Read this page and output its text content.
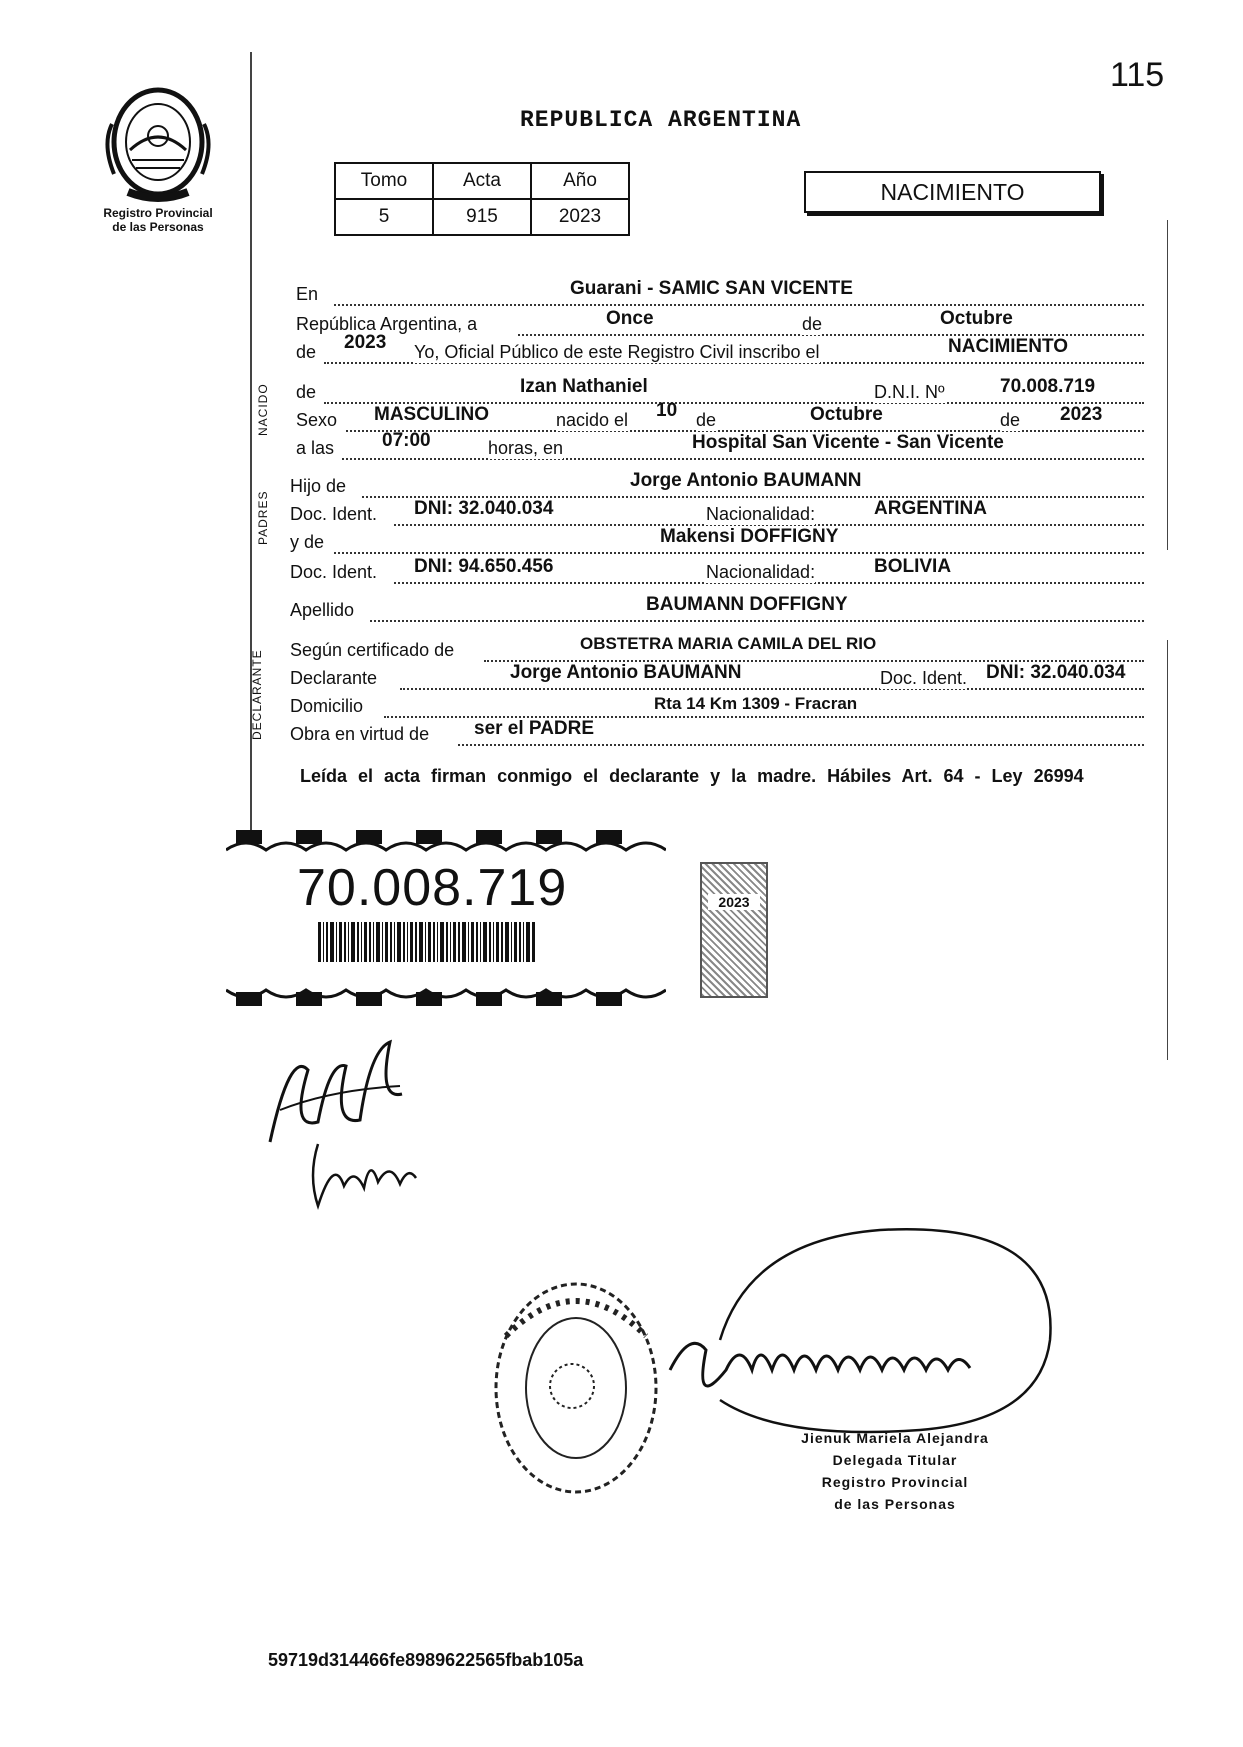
115
Registro Provincial
de las Personas
REPUBLICA ARGENTINA
Tomo	Acta	Año
5	915	2023
NACIMIENTO
NACIDO
PADRES
DECLARANTE
En	Guarani - SAMIC SAN VICENTE
República Argentina, a	Once	de	Octubre
de 2023 Yo, Oficial Público de este Registro Civil inscribo el	NACIMIENTO
de	Izan Nathaniel	D.N.I. Nº	70.008.719
Sexo MASCULINO	nacido el 10 de	Octubre	de 2023
a las	07:00	horas, en	Hospital San Vicente - San Vicente
Hijo de	Jorge Antonio BAUMANN
Doc. Ident. DNI: 32.040.034	Nacionalidad:	ARGENTINA
y de	Makensi DOFFIGNY
Doc. Ident. DNI: 94.650.456	Nacionalidad:	BOLIVIA
Apellido	BAUMANN DOFFIGNY
Según certificado de	OBSTETRA MARIA CAMILA DEL RIO
Declarante	Jorge Antonio BAUMANN	Doc. Ident. DNI: 32.040.034
Domicilio	Rta 14 Km 1309 - Fracran
Obra en virtud de ser el PADRE
Leída el acta firman conmigo el declarante y la madre. Hábiles Art. 64 - Ley 26994
70.008.719	2023
Jienuk Mariela Alejandra
Delegada Titular
Registro Provincial
de las Personas
59719d314466fe8989622565fbab105a
